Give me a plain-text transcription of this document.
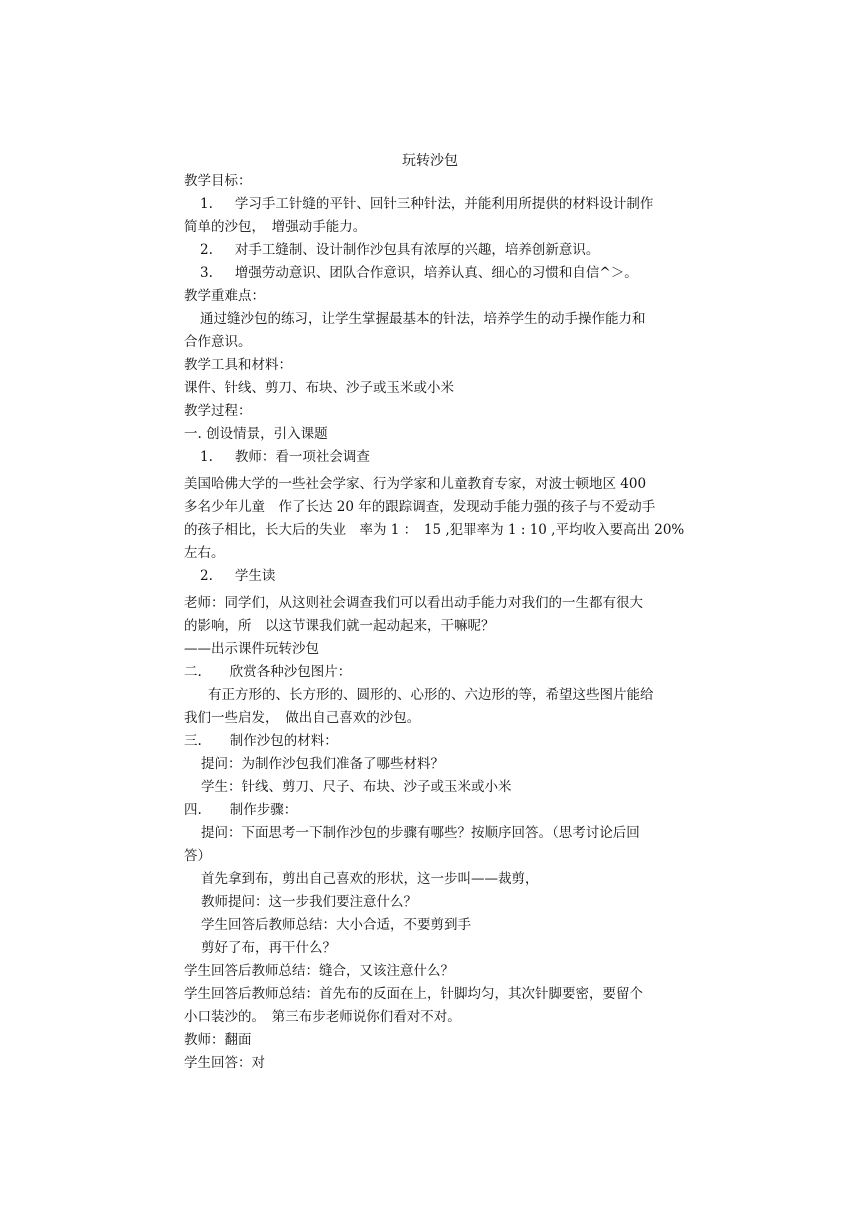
玩转沙包
教学目标：
1. 学习手工针缝的平针、回针三种针法，并能利用所提供的材料设计制作
简单的沙包，　增强动手能力。
2. 对手工缝制、设计制作沙包具有浓厚的兴趣，培养创新意识。
3. 增强劳动意识、团队合作意识，培养认真、细心的习惯和自信^＞。
教学重难点：
通过缝沙包的练习，让学生掌握最基本的针法，培养学生的动手操作能力和
合作意识。
教学工具和材料：
课件、针线、剪刀、布块、沙子或玉米或小米
教学过程：
一. 创设情景，引入课题
1. 教师：看一项社会调查
美国哈佛大学的一些社会学家、行为学家和儿童教育专家，对波士顿地区 400
多名少年儿童　作了长达 20 年的跟踪调查，发现动手能力强的孩子与不爱动手
的孩子相比，长大后的失业　率为 1 ：　15 ,犯罪率为 1 : 10 ,平均收入要高出 20%
左右。
2. 学生读
老师：同学们，从这则社会调查我们可以看出动手能力对我们的一生都有很大
的影响，所　以这节课我们就一起动起来，干嘛呢？
——出示课件玩转沙包
二. 欣赏各种沙包图片：
有正方形的、长方形的、圆形的、心形的、六边形的等，希望这些图片能给
我们一些启发，　做出自己喜欢的沙包。
三. 制作沙包的材料：
提问：为制作沙包我们准备了哪些材料？
学生：针线、剪刀、尺子、布块、沙子或玉米或小米
四. 制作步骤：
提问：下面思考一下制作沙包的步骤有哪些？按顺序回答。（思考讨论后回
答）
首先拿到布，剪出自己喜欢的形状，这一步叫——裁剪，
教师提问：这一步我们要注意什么？
学生回答后教师总结：大小合适，不要剪到手
剪好了布，再干什么？
学生回答后教师总结：缝合，又该注意什么？
学生回答后教师总结：首先布的反面在上，针脚均匀，其次针脚要密，要留个
小口装沙的。　第三布步老师说你们看对不对。
教师：翻面
学生回答：对
